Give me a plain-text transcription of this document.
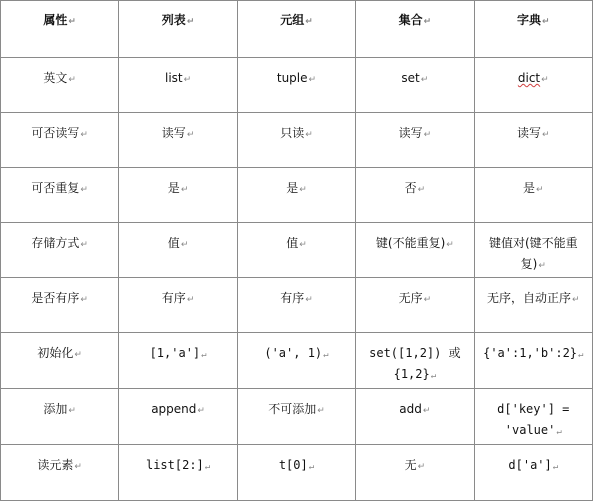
属性↵	列表↵	元组↵	集合↵	字典↵
英文↵	list↵	tuple↵	set↵	dict↵
可否读写↵	读写↵	只读↵	读写↵	读写↵
可否重复↵	是↵	是↵	否↵	是↵
存储方式↵	值↵	值↵	键(不能重复)↵	键值对(键不能重复)↵
是否有序↵	有序↵	有序↵	无序↵	无序，自动正序↵
初始化↵	[1,'a']↵	('a', 1)↵	set([1,2]) 或 {1,2}↵	{'a':1,'b':2}↵
添加↵	append↵	不可添加↵	add↵	d['key'] = 'value'↵
读元素↵	list[2:]↵	t[0]↵	无↵	d['a']↵
